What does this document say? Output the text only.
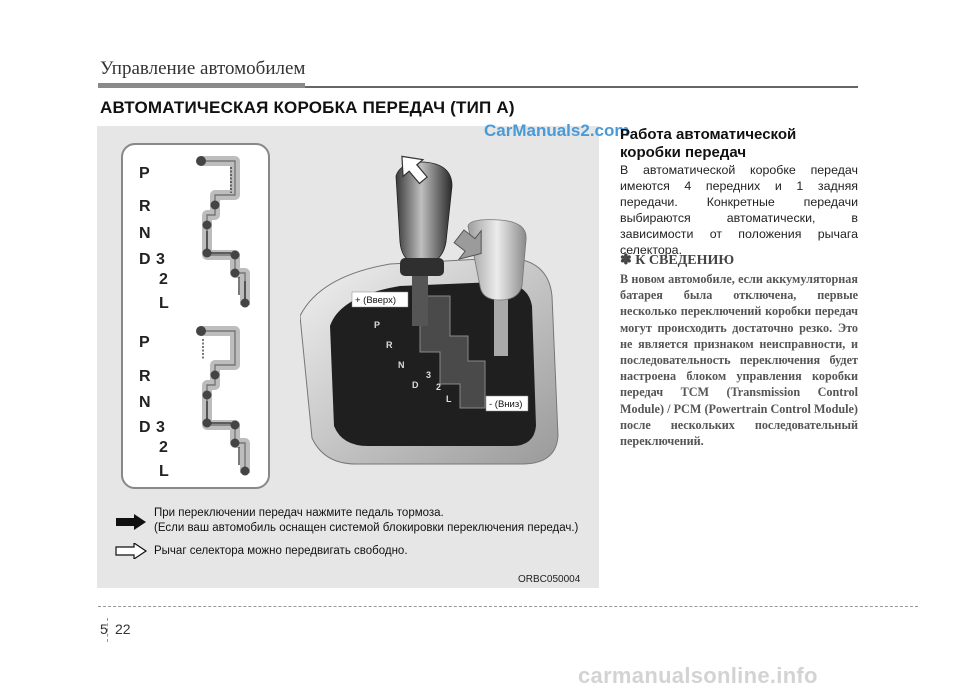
Управление автомобилем
АВТОМАТИЧЕСКАЯ КОРОБКА ПЕРЕДАЧ (ТИП А)
CarManuals2.com
P
R
N
D 3
2
L
P
R
N
D 3
2
L
P
R
N
D
3
2
L
+ (Вверх)
- (Вниз)
При переключении передач нажмите педаль тормоза.
(Если ваш автомобиль оснащен системой блокировки переключения передач.)
Рычаг селектора можно передвигать свободно.
ORBC050004
Работа автоматической коробки передач
В автоматической коробке передач имеются 4 передних и 1 задняя передачи. Конкретные передачи выбираются автоматически, в зависимости от положения рычага селектора.
✽ К СВЕДЕНИЮ
В новом автомобиле, если аккумуляторная батарея была отключена, первые несколько переключений коробки передач могут происходить достаточно резко. Это не является признаком неисправности, и последовательность переключения будет настроена блоком управления коробки передач TCM (Transmission Control Module) / PCM (Powertrain Control Module) после нескольких последовательный переключений.
5 22
carmanualsonline.info
